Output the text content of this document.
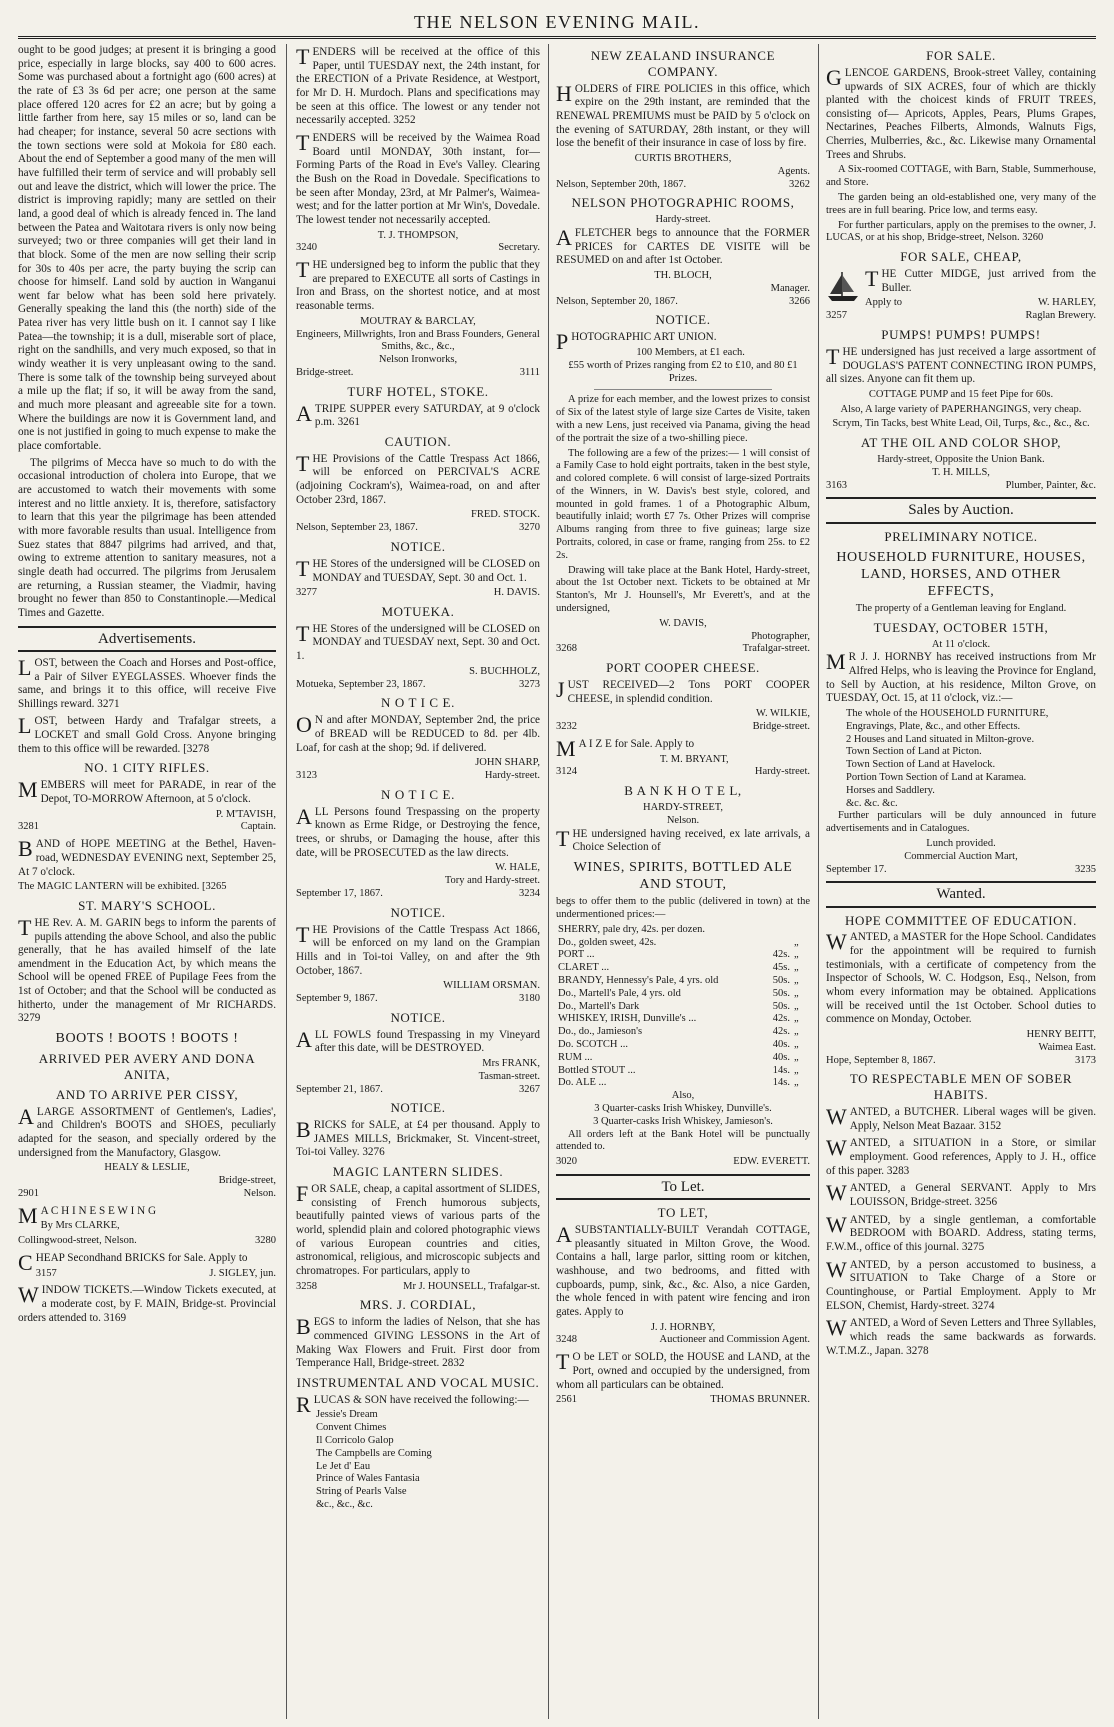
THE NELSON EVENING MAIL.

ought to be good judges; at present it is bringing a good price, especially in large blocks, say 400 to 600 acres. Some was purchased about a fortnight ago (600 acres) at the rate of £3 3s 6d per acre; one person at the same place offered 120 acres for £2 an acre; but by going a little farther from here, say 15 miles or so, land can be had cheaper; for instance, several 50 acre sections with the town sections were sold at Mokoia for £80 each. About the end of September a good many of the men will have fulfilled their term of service and will probably sell out and leave the district, which will lower the price. The district is improving rapidly; many are settled on their land, a good deal of which is already fenced in. The land between the Patea and Waitotara rivers is only now being surveyed; two or three companies will get their land in that block. Some of the men are now selling their scrip for 30s to 40s per acre, the party buying the scrip can choose for himself. Land sold by auction in Wanganui went far below what has been sold here privately. Generally speaking the land this (the north) side of the Patea river has very little bush on it. I cannot say I like Patea—the township; it is a dull, miserable sort of place, right on the sandhills, and very much exposed, so that in windy weather it is very unpleasant owing to the sand. There is some talk of the township being surveyed about a mile up the flat; if so, it will be away from the sand, and much more pleasant and agreeable site for a town. Where the buildings are now it is Government land, and one is not justified in going to much expense to make the place comfortable.

The pilgrims of Mecca have so much to do with the occasional introduction of cholera into Europe, that we are accustomed to watch their movements with some interest and no little anxiety. It is, therefore, satisfactory to learn that this year the pilgrimage has been attended with more favorable results than usual. Intelligence from Suez states that 8847 pilgrims had arrived, and that, owing to extreme attention to sanitary measures, not a single death had occurred. The pilgrims from Jerusalem are returning, a Russian steamer, the Viadmir, having brought no fewer than 850 to Constantinople.—Medical Times and Gazette.

Advertisements.
L OST, between the Coach and Horses and Post-office, a Pair of Silver EYEGLASSES. Whoever finds the same, and brings it to this office, will receive Five Shillings reward. 3271

L OST, between Hardy and Trafalgar streets, a LOCKET and small Gold Cross. Anyone bringing them to this office will be rewarded. [3278

NO. 1 CITY RIFLES.
M EMBERS will meet for PARADE, in rear of the Depot, TO-MORROW Afternoon, at 5 o'clock.

P. M'TAVISH,
3281	Captain.
B AND of HOPE MEETING at the Bethel, Haven-road, WEDNESDAY EVENING next, September 25, At 7 o'clock.

The MAGIC LANTERN will be exhibited. [3265

ST. MARY'S SCHOOL.
T HE Rev. A. M. GARIN begs to inform the parents of pupils attending the above School, and also the public generally, that he has availed himself of the late amendment in the Education Act, by which means the School will be opened FREE of Pupilage Fees from the 1st of October; and that the School will be conducted as hitherto, under the management of Mr RICHARDS. 3279

BOOTS ! BOOTS ! BOOTS !
ARRIVED PER AVERY AND DONA ANITA,
AND TO ARRIVE PER CISSY,
A LARGE ASSORTMENT of Gentlemen's, Ladies', and Children's BOOTS and SHOES, peculiarly adapted for the season, and specially ordered by the undersigned from the Manufactory, Glasgow.

HEALY & LESLIE,
Bridge-street,
2901	Nelson.
M A C H I N E S E W I N G

By Mrs CLARKE,

Collingwood-street, Nelson.	3280
C HEAP Secondhand BRICKS for Sale. Apply to

3157	J. SIGLEY, jun.
W INDOW TICKETS.—Window Tickets executed, at a moderate cost, by F. MAIN, Bridge-st. Provincial orders attended to. 3169

T ENDERS will be received at the office of this Paper, until TUESDAY next, the 24th instant, for the ERECTION of a Private Residence, at Westport, for Mr D. H. Murdoch. Plans and specifications may be seen at this office. The lowest or any tender not necessarily accepted. 3252

T ENDERS will be received by the Waimea Road Board until MONDAY, 30th instant, for— Forming Parts of the Road in Eve's Valley. Clearing the Bush on the Road in Dovedale. Specifications to be seen after Monday, 23rd, at Mr Palmer's, Waimea-west; and for the latter portion at Mr Win's, Dovedale. The lowest tender not necessarily accepted.

T. J. THOMPSON,
3240	Secretary.
T HE undersigned beg to inform the public that they are prepared to EXECUTE all sorts of Castings in Iron and Brass, on the shortest notice, and at most reasonable terms.

MOUTRAY & BARCLAY,
Engineers, Millwrights, Iron and Brass Founders, General Smiths, &c., &c.,
Nelson Ironworks,
Bridge-street.	3111
TURF HOTEL, STOKE.
A TRIPE SUPPER every SATURDAY, at 9 o'clock p.m. 3261

CAUTION.
T HE Provisions of the Cattle Trespass Act 1866, will be enforced on PERCIVAL'S ACRE (adjoining Cockram's), Waimea-road, on and after October 23rd, 1867.

FRED. STOCK.
Nelson, September 23, 1867.	3270
NOTICE.
T HE Stores of the undersigned will be CLOSED on MONDAY and TUESDAY, Sept. 30 and Oct. 1.

3277	H. DAVIS.
MOTUEKA.
T HE Stores of the undersigned will be CLOSED on MONDAY and TUESDAY next, Sept. 30 and Oct. 1.

S. BUCHHOLZ,
Motueka, September 23, 1867.	3273
N O T I C E.
O N and after MONDAY, September 2nd, the price of BREAD will be REDUCED to 8d. per 4lb. Loaf, for cash at the shop; 9d. if delivered.

JOHN SHARP,
3123	Hardy-street.
N O T I C E.
A LL Persons found Trespassing on the property known as Erme Ridge, or Destroying the fence, trees, or shrubs, or Damaging the house, after this date, will be PROSECUTED as the law directs.

W. HALE,
Tory and Hardy-street.
September 17, 1867.	3234
NOTICE.
T HE Provisions of the Cattle Trespass Act 1866, will be enforced on my land on the Grampian Hills and in Toi-toi Valley, on and after the 9th October, 1867.

WILLIAM ORSMAN.
September 9, 1867.	3180
NOTICE.
A LL FOWLS found Trespassing in my Vineyard after this date, will be DESTROYED.

Mrs FRANK,
Tasman-street.
September 21, 1867.	3267
NOTICE.
B RICKS for SALE, at £4 per thousand. Apply to JAMES MILLS, Brickmaker, St. Vincent-street, Toi-toi Valley. 3276

MAGIC LANTERN SLIDES.
F OR SALE, cheap, a capital assortment of SLIDES, consisting of French humorous subjects, beautifully painted views of various parts of the world, splendid plain and colored photographic views of various European countries and cities, astronomical, religious, and microscopic subjects and chromatropes. For particulars, apply to

3258	Mr J. HOUNSELL, Trafalgar-st.
MRS. J. CORDIAL,
B EGS to inform the ladies of Nelson, that she has commenced GIVING LESSONS in the Art of Making Wax Flowers and Fruit. First door from Temperance Hall, Bridge-street. 2832

INSTRUMENTAL AND VOCAL MUSIC.
R LUCAS & SON have received the following:—

Jessie's Dream

Convent Chimes

Il Corricolo Galop

The Campbells are Coming

Le Jet d' Eau

Prince of Wales Fantasia

String of Pearls Valse

&c., &c., &c.

NEW ZEALAND INSURANCE COMPANY.
H OLDERS of FIRE POLICIES in this office, which expire on the 29th instant, are reminded that the RENEWAL PREMIUMS must be PAID by 5 o'clock on the evening of SATURDAY, 28th instant, or they will lose the benefit of their insurance in case of loss by fire.

CURTIS BROTHERS,
Agents.
Nelson, September 20th, 1867.	3262
NELSON PHOTOGRAPHIC ROOMS,
Hardy-street.
A FLETCHER begs to announce that the FORMER PRICES for CARTES DE VISITE will be RESUMED on and after 1st October.

TH. BLOCH,
Manager.
Nelson, September 20, 1867.	3266
NOTICE.
P HOTOGRAPHIC ART UNION.

100 Members, at £1 each.
£55 worth of Prizes ranging from £2 to £10, and 80 £1 Prizes.

A prize for each member, and the lowest prizes to consist of Six of the latest style of large size Cartes de Visite, taken with a new Lens, just received via Panama, giving the head of the portrait the size of a two-shilling piece.

The following are a few of the prizes:— 1 will consist of a Family Case to hold eight portraits, taken in the best style, and colored complete. 6 will consist of large-sized Portraits of the Winners, in W. Davis's best style, colored, and mounted in gold frames. 1 of a Photographic Album, beautifully inlaid; worth £7 7s. Other Prizes will comprise Albums ranging from three to five guineas; large size Portraits, colored, in case or frame, ranging from 25s. to £2 2s.

Drawing will take place at the Bank Hotel, Hardy-street, about the 1st October next. Tickets to be obtained at Mr Stanton's, Mr J. Hounsell's, Mr Everett's, and at the undersigned,

W. DAVIS,
Photographer,
3268	Trafalgar-street.
PORT COOPER CHEESE.
J UST RECEIVED—2 Tons PORT COOPER CHEESE, in splendid condition.

W. WILKIE,
3232	Bridge-street.
M A I Z E for Sale. Apply to

T. M. BRYANT,
3124	Hardy-street.
B A N K H O T E L,
HARDY-STREET,
Nelson.
T HE undersigned having received, ex late arrivals, a Choice Selection of

WINES, SPIRITS, BOTTLED ALE AND STOUT,

begs to offer them to the public (delivered in town) at the undermentioned prices:—

SHERRY, pale dry, 42s. per dozen.		
Do., golden sweet, 42s.		„
PORT ...	42s.	„
CLARET ...	45s.	„
BRANDY, Hennessy's Pale, 4 yrs. old	50s.	„
Do., Martell's Pale, 4 yrs. old	50s.	„
Do., Martell's Dark	50s.	„
WHISKEY, IRISH, Dunville's ...	42s.	„
Do., do., Jamieson's	42s.	„
Do. SCOTCH ...	40s.	„
RUM ...	40s.	„
Bottled STOUT ...	14s.	„
Do. ALE ...	14s.	„
Also,
3 Quarter-casks Irish Whiskey, Dunville's.
3 Quarter-casks Irish Whiskey, Jamieson's.

All orders left at the Bank Hotel will be punctually attended to.

3020	EDW. EVERETT.
To Let.
TO LET,
A SUBSTANTIALLY-BUILT Verandah COTTAGE, pleasantly situated in Milton Grove, the Wood. Contains a hall, large parlor, sitting room or kitchen, washhouse, and two bedrooms, and fitted with cupboards, pump, sink, &c., &c. Also, a nice Garden, the whole fenced in with patent wire fencing and iron gates. Apply to

J. J. HORNBY,
3248	Auctioneer and Commission Agent.
T O be LET or SOLD, the HOUSE and LAND, at the Port, owned and occupied by the undersigned, from whom all particulars can be obtained.

2561	THOMAS BRUNNER.
FOR SALE.
G LENCOE GARDENS, Brook-street Valley, containing upwards of SIX ACRES, four of which are thickly planted with the choicest kinds of FRUIT TREES, consisting of— Apricots, Apples, Pears, Plums Grapes, Nectarines, Peaches Filberts, Almonds, Walnuts Figs, Cherries, Mulberries, &c., &c. Likewise many Ornamental Trees and Shrubs.

A Six-roomed COTTAGE, with Barn, Stable, Summerhouse, and Store.

The garden being an old-established one, very many of the trees are in full bearing. Price low, and terms easy.

For further particulars, apply on the premises to the owner, J. LUCAS, or at his shop, Bridge-street, Nelson. 3260

FOR SALE, CHEAP,
T HE Cutter MIDGE, just arrived from the Buller.

Apply to	W. HARLEY,
3257	Raglan Brewery.
PUMPS! PUMPS! PUMPS!
T HE undersigned has just received a large assortment of DOUGLAS'S PATENT CONNECTING IRON PUMPS, all sizes. Anyone can fit them up.

COTTAGE PUMP and 15 feet Pipe for 60s.

Also, A large variety of PAPERHANGINGS, very cheap.

Scrym, Tin Tacks, best White Lead, Oil, Turps, &c., &c., &c.

AT THE OIL AND COLOR SHOP,
Hardy-street, Opposite the Union Bank.
T. H. MILLS,
3163	Plumber, Painter, &c.
Sales by Auction.
PRELIMINARY NOTICE.
HOUSEHOLD FURNITURE, HOUSES, LAND, HORSES, AND OTHER EFFECTS,
The property of a Gentleman leaving for England.
TUESDAY, OCTOBER 15TH,
At 11 o'clock.
M R J. J. HORNBY has received instructions from Mr Alfred Helps, who is leaving the Province for England, to Sell by Auction, at his residence, Milton Grove, on TUESDAY, Oct. 15, at 11 o'clock, viz.:—

The whole of the HOUSEHOLD FURNITURE, Engravings, Plate, &c., and other Effects.

2 Houses and Land situated in Milton-grove.

Town Section of Land at Picton.

Town Section of Land at Havelock.

Portion Town Section of Land at Karamea.

Horses and Saddlery.

&c. &c. &c.

Further particulars will be duly announced in future advertisements and in Catalogues.

Lunch provided.
Commercial Auction Mart,
September 17.	3235
Wanted.
HOPE COMMITTEE OF EDUCATION.
W ANTED, a MASTER for the Hope School. Candidates for the appointment will be required to furnish testimonials, with a certificate of competency from the Inspector of Schools, W. C. Hodgson, Esq., Nelson, from whom every information may be obtained. Applications will be received until the 1st October. School duties to commence on Monday, October.

HENRY BEITT,
Waimea East.
Hope, September 8, 1867.	3173
TO RESPECTABLE MEN OF SOBER HABITS.
W ANTED, a BUTCHER. Liberal wages will be given. Apply, Nelson Meat Bazaar. 3152

W ANTED, a SITUATION in a Store, or similar employment. Good references, Apply to J. H., office of this paper. 3283

W ANTED, a General SERVANT. Apply to Mrs LOUISSON, Bridge-street. 3256

W ANTED, by a single gentleman, a comfortable BEDROOM with BOARD. Address, stating terms, F.W.M., office of this journal. 3275

W ANTED, by a person accustomed to business, a SITUATION to Take Charge of a Store or Countinghouse, or Partial Employment. Apply to Mr ELSON, Chemist, Hardy-street. 3274

W ANTED, a Word of Seven Letters and Three Syllables, which reads the same backwards as forwards. W.T.M.Z., Japan. 3278
